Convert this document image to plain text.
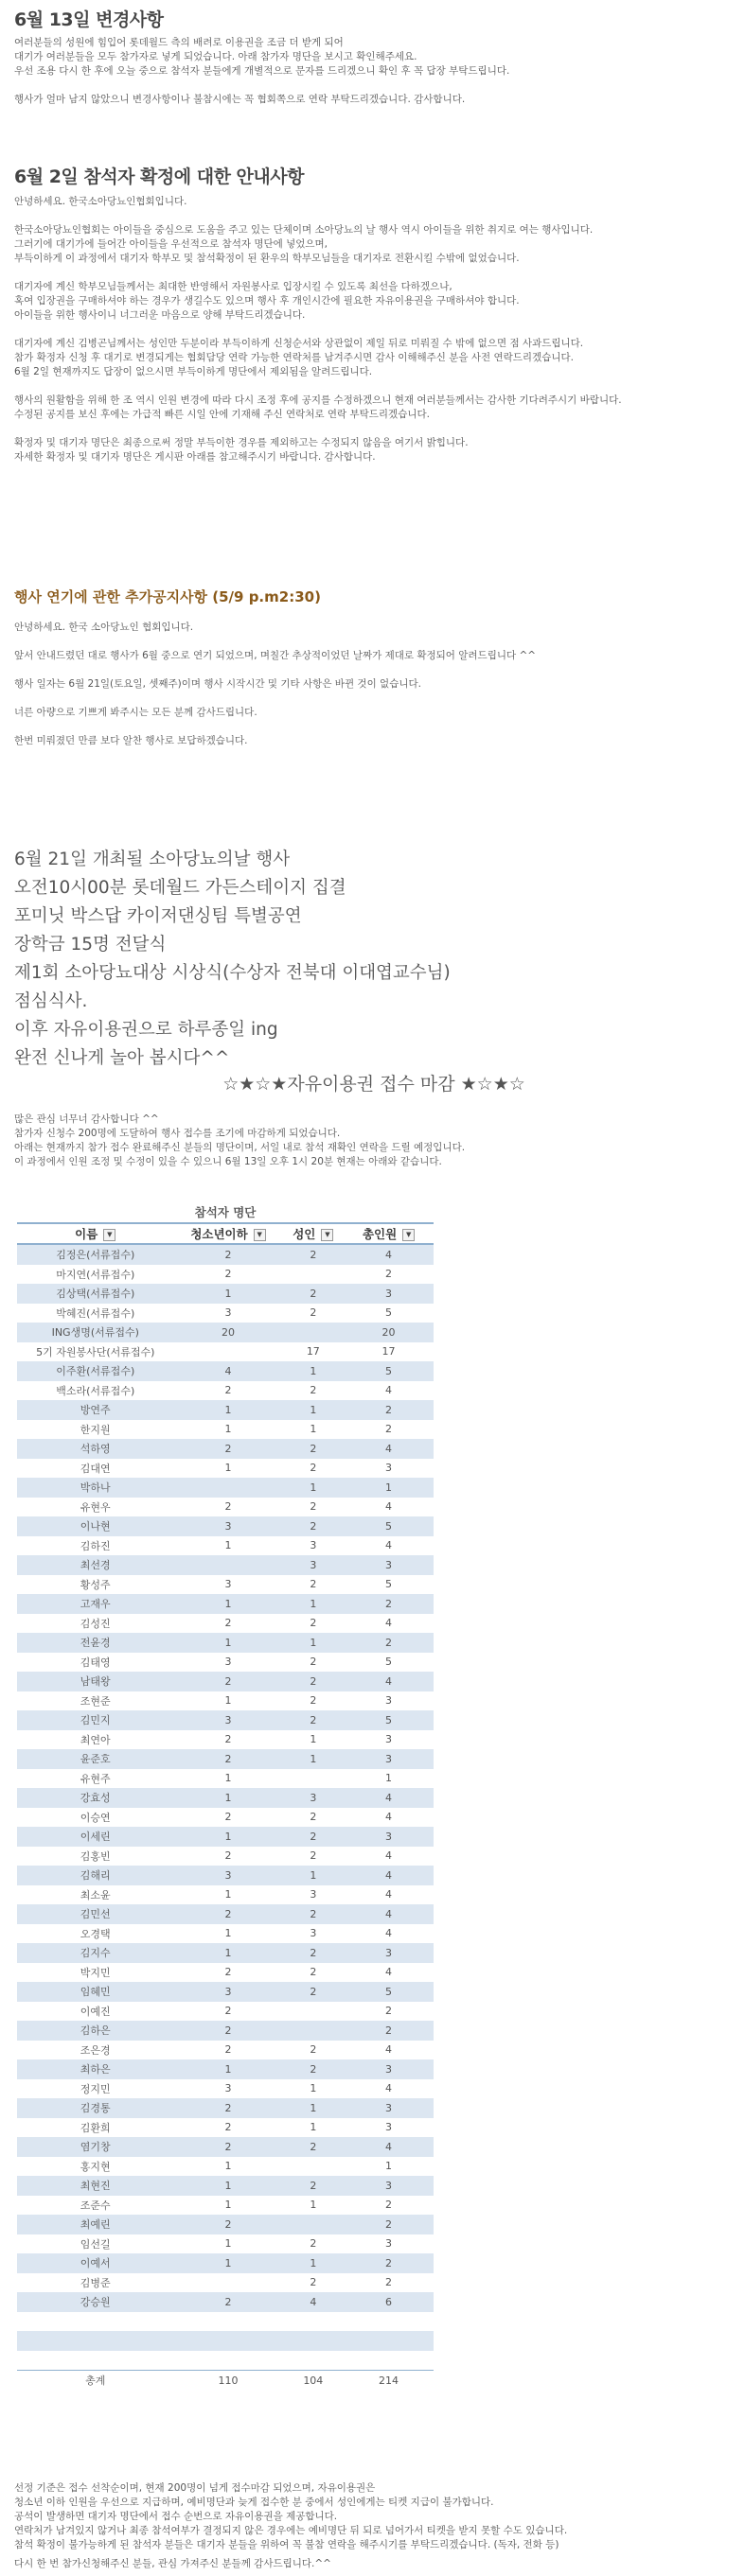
6월 13일 변경사항

여러분들의 성원에 힘입어 롯데월드 측의 배려로 이용권을 조금 더 받게 되어
대기가 여러분들을 모두 참가자로 넣게 되었습니다. 아래 참가자 명단을 보시고 확인해주세요.
우선 조용 다시 한 후에 오늘 중으로 참석자 분들에게 개별적으로 문자를 드리겠으니 확인 후 꼭 답장 부탁드립니다.

행사가 얼마 남지 않았으니 변경사항이나 불참시에는 꼭 협회쪽으로 연락 부탁드리겠습니다. 감사합니다.

6월 2일 참석자 확정에 대한 안내사항

안녕하세요. 한국소아당뇨인협회입니다.

한국소아당뇨인협회는 아이들을 중심으로 도움을 주고 있는 단체이며 소아당뇨의 날 행사 역시 아이들을 위한 취지로 여는 행사입니다.
그러기에 대기가에 들어간 아이들을 우선적으로 참석자 명단에 넣었으며,
부득이하게 이 과정에서 대기자 학부모 및 참석확정이 된 환우의 학부모님들을 대기자로 전환시킬 수밖에 없었습니다.

대기자에 계신 학부모님들께서는 최대한 반영해서 자원봉사로 입장시킬 수 있도록 최선을 다하겠으나,
혹여 입장권을 구매하셔야 하는 경우가 생길수도 있으며 행사 후 개인시간에 필요한 자유이용권을 구매하셔야 합니다.
아이들을 위한 행사이니 너그러운 마음으로 양해 부탁드리겠습니다.

대기자에 계신 김병곤님께서는 성인만 두분이라 부득이하게 신청순서와 상관없이 제일 뒤로 미뤄질 수 밖에 없으면 점 사과드립니다.
참가 확정자 신청 후 대기로 변경되게는 협회담당 연락 가능한 연락처를 남겨주시면 감사 이해해주신 분을 사전 연락드리겠습니다.
6월 2일 현재까지도 답장이 없으시면 부득이하게 명단에서 제외됨을 알려드립니다.

행사의 원활함을 위해 한 조 역시 인원 변경에 따라 다시 조정 후에 공지를 수정하겠으니 현재 여러분들께서는 감사한 기다려주시기 바랍니다.
수정된 공지를 보신 후에는 가급적 빠른 시일 안에 기재해 주신 연락처로 연락 부탁드리겠습니다.

확정자 및 대기자 명단은 최종으로써 정말 부득이한 경우를 제외하고는 수정되지 않음을 여기서 밝힙니다.
자세한 확정자 및 대기자 명단은 게시판 아래를 참고해주시기 바랍니다. 감사합니다.

행사 연기에 관한 추가공지사항 (5/9 p.m2:30)

안녕하세요. 한국 소아당뇨인 협회입니다.

앞서 안내드렸던 대로 행사가 6월 중으로 연기 되었으며, 며칠간 추상적이었던 날짜가 제대로 확정되어 알려드립니다 ^^

행사 일자는 6월 21일(토요일, 셋째주)이며 행사 시작시간 및 기타 사항은 바뀐 것이 없습니다.

너른 아량으로 기쁘게 봐주시는 모든 분께 감사드립니다.

한번 미뤄졌던 만큼 보다 알찬 행사로 보답하겠습니다.

6월 21일 개최될 소아당뇨의날 행사

오전10시00분 롯데월드 가든스테이지 집결

포미닛 박스답 카이저댄싱팀 특별공연

장학금 15명 전달식

제1회 소아당뇨대상 시상식(수상자 전북대 이대엽교수님)

점심식사.

이후 자유이용권으로 하루종일 ing

완전 신나게 놀아 봅시다^^

☆★☆★자유이용권 접수 마감 ★☆★☆

많은 관심 너무너 감사합니다 ^^
참가자 신청수 200명에 도달하여 행사 접수를 조기에 마감하게 되었습니다.
아래는 현재까지 참가 접수 완료해주신 분들의 명단이며, 서일 내로 참석 재확인 연락을 드릴 예정입니다.
이 과정에서 인원 조정 및 수정이 있을 수 있으니 6월 13일 오후 1시 20분 현재는 아래와 같습니다.

참석자 명단			
이름 ▼	청소년이하 ▼	성인 ▼	총인원 ▼
김정은(서류접수)	2	2	4
마지연(서류접수)	2		2
김상택(서류접수)	1	2	3
박혜진(서류접수)	3	2	5
ING생명(서류접수)	20		20
5기 자원봉사단(서류접수)		17	17
이주환(서류접수)	4	1	5
백소라(서류접수)	2	2	4
방연주	1	1	2
한지원	1	1	2
석하영	2	2	4
김대연	1	2	3
박하나		1	1
유현우	2	2	4
이나현	3	2	5
김하진	1	3	4
최선경		3	3
황성주	3	2	5
고재우	1	1	2
김성진	2	2	4
전윤경	1	1	2
김태영	3	2	5
남태왕	2	2	4
조현준	1	2	3
김민지	3	2	5
최연아	2	1	3
윤준호	2	1	3
유현주	1		1
강효성	1	3	4
이승연	2	2	4
이세린	1	2	3
김홍빈	2	2	4
김해리	3	1	4
최소윤	1	3	4
김민선	2	2	4
오경택	1	3	4
김지수	1	2	3
박지민	2	2	4
임혜민	3	2	5
이예진	2		2
김하은	2		2
조은경	2	2	4
최하은	1	2	3
정지민	3	1	4
김경통	2	1	3
김환희	2	1	3
염기창	2	2	4
홍지현	1		1
최현진	1	2	3
조준수	1	1	2
최예린	2		2
임선길	1	2	3
이예서	1	1	2
김병준		2	2
강승원	2	4	6

총계	110	104	214

선정 기준은 접수 선착순이며, 현재 200명이 넘게 접수마감 되었으며, 자유이용권은
청소년 이하 인원을 우선으로 지급하며, 예비명단과 늦게 접수한 분 중에서 성인에게는 티켓 지급이 불가합니다.
공석이 발생하면 대기자 명단에서 접수 순번으로 자유이용권을 제공합니다.
연락처가 남겨있지 않거나 최종 참석여부가 결정되지 않은 경우에는 예비명단 뒤 되로 넘어가서 티켓을 받지 못할 수도 있습니다.
참석 확정이 불가능하게 된 참석자 분들은 대기자 분들을 위하여 꼭 불참 연락을 해주시기를 부탁드리겠습니다. (독자, 전화 등)

다시 한 번 참가신청해주신 분들, 관심 가져주신 분들께 감사드립니다.^^
